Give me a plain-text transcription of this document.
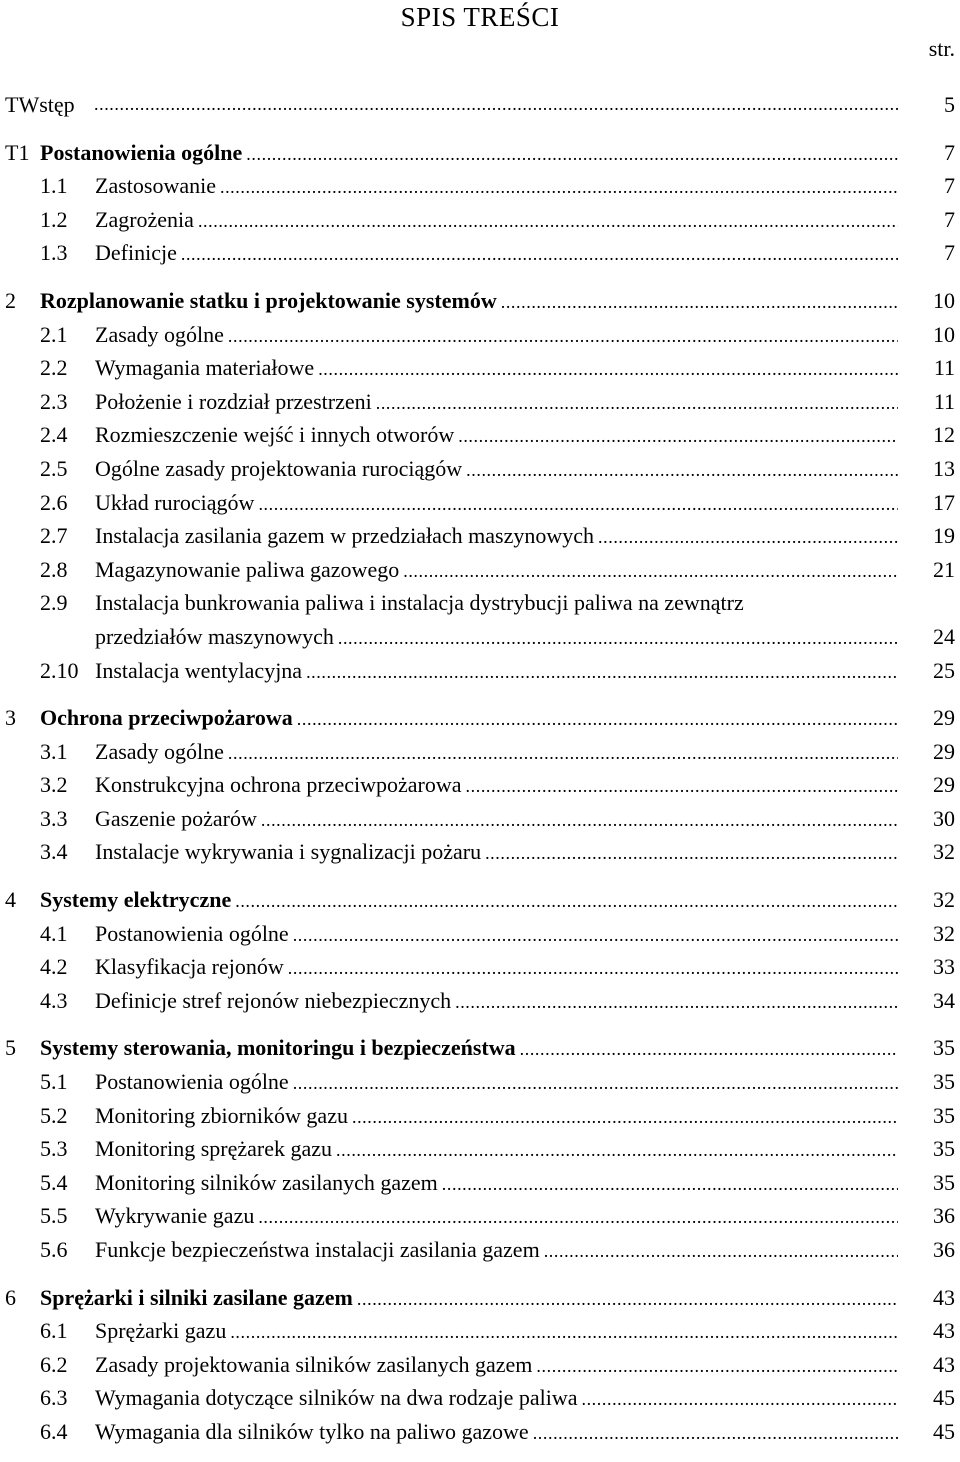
SPIS TREŚCI
str.
TWstęp .....	5
T1 Postanowienia ogólne .....	7
1.1 Zastosowanie .....	7
1.2 Zagrożenia .....	7
1.3 Definicje .....	7
2 Rozplanowanie statku i projektowanie systemów .....	10
2.1 Zasady ogólne .....	10
2.2 Wymagania materiałowe .....	11
2.3 Położenie i rozdział przestrzeni .....	11
2.4 Rozmieszczenie wejść i innych otworów .....	12
2.5 Ogólne zasady projektowania rurociągów .....	13
2.6 Układ rurociągów .....	17
2.7 Instalacja zasilania gazem w przedziałach maszynowych .....	19
2.8 Magazynowanie paliwa gazowego .....	21
2.9 Instalacja bunkrowania paliwa i instalacja dystrybucji paliwa na zewnątrz
przedziałów maszynowych .....	24
2.10 Instalacja wentylacyjna .....	25
3 Ochrona przeciwpożarowa .....	29
3.1 Zasady ogólne .....	29
3.2 Konstrukcyjna ochrona przeciwpożarowa .....	29
3.3 Gaszenie pożarów .....	30
3.4 Instalacje wykrywania i sygnalizacji pożaru .....	32
4 Systemy elektryczne .....	32
4.1 Postanowienia ogólne .....	32
4.2 Klasyfikacja rejonów .....	33
4.3 Definicje stref rejonów niebezpiecznych .....	34
5 Systemy sterowania, monitoringu i bezpieczeństwa .....	35
5.1 Postanowienia ogólne .....	35
5.2 Monitoring zbiorników gazu .....	35
5.3 Monitoring sprężarek gazu .....	35
5.4 Monitoring silników zasilanych gazem .....	35
5.5 Wykrywanie gazu .....	36
5.6 Funkcje bezpieczeństwa instalacji zasilania gazem .....	36
6 Sprężarki i silniki zasilane gazem .....	43
6.1 Sprężarki gazu .....	43
6.2 Zasady projektowania silników zasilanych gazem .....	43
6.3 Wymagania dotyczące silników na dwa rodzaje paliwa .....	45
6.4 Wymagania dla silników tylko na paliwo gazowe .....	45
